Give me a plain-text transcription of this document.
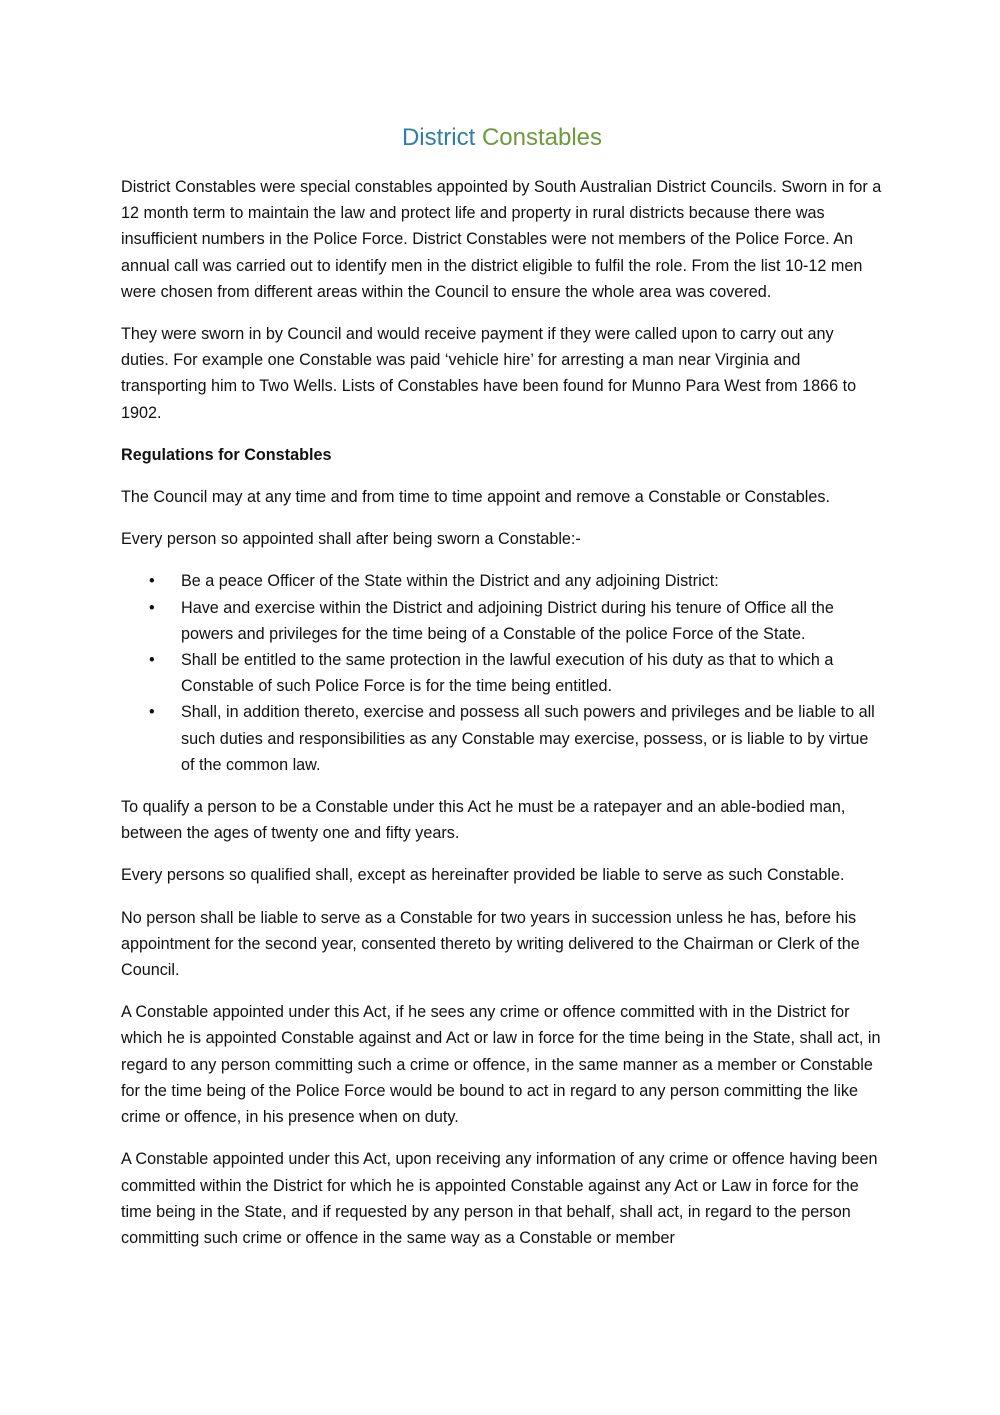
District Constables

District Constables were special constables appointed by South Australian District Councils. Sworn in for a 12 month term to maintain the law and protect life and property in rural districts because there was insufficient numbers in the Police Force. District Constables were not members of the Police Force. An annual call was carried out to identify men in the district eligible to fulfil the role. From the list 10-12 men were chosen from different areas within the Council to ensure the whole area was covered.

They were sworn in by Council and would receive payment if they were called upon to carry out any duties. For example one Constable was paid ‘vehicle hire’ for arresting a man near Virginia and transporting him to Two Wells. Lists of Constables have been found for Munno Para West from 1866 to 1902.

Regulations for Constables

The Council may at any time and from time to time appoint and remove a Constable or Constables.

Every person so appointed shall after being sworn a Constable:-

• Be a peace Officer of the State within the District and any adjoining District:
• Have and exercise within the District and adjoining District during his tenure of Office all the powers and privileges for the time being of a Constable of the police Force of the State.
• Shall be entitled to the same protection in the lawful execution of his duty as that to which a Constable of such Police Force is for the time being entitled.
• Shall, in addition thereto, exercise and possess all such powers and privileges and be liable to all such duties and responsibilities as any Constable may exercise, possess, or is liable to by virtue of the common law.

To qualify a person to be a Constable under this Act he must be a ratepayer and an able-bodied man, between the ages of twenty one and fifty years.

Every persons so qualified shall, except as hereinafter provided be liable to serve as such Constable.

No person shall be liable to serve as a Constable for two years in succession unless he has, before his appointment for the second year, consented thereto by writing delivered to the Chairman or Clerk of the Council.

A Constable appointed under this Act, if he sees any crime or offence committed with in the District for which he is appointed Constable against and Act or law in force for the time being in the State, shall act, in regard to any person committing such a crime or offence, in the same manner as a member or Constable for the time being of the Police Force would be bound to act in regard to any person committing the like crime or offence, in his presence when on duty.

A Constable appointed under this Act, upon receiving any information of any crime or offence having been committed within the District for which he is appointed Constable against any Act or Law in force for the time being in the State, and if requested by any person in that behalf, shall act, in regard to the person committing such crime or offence in the same way as a Constable or member
